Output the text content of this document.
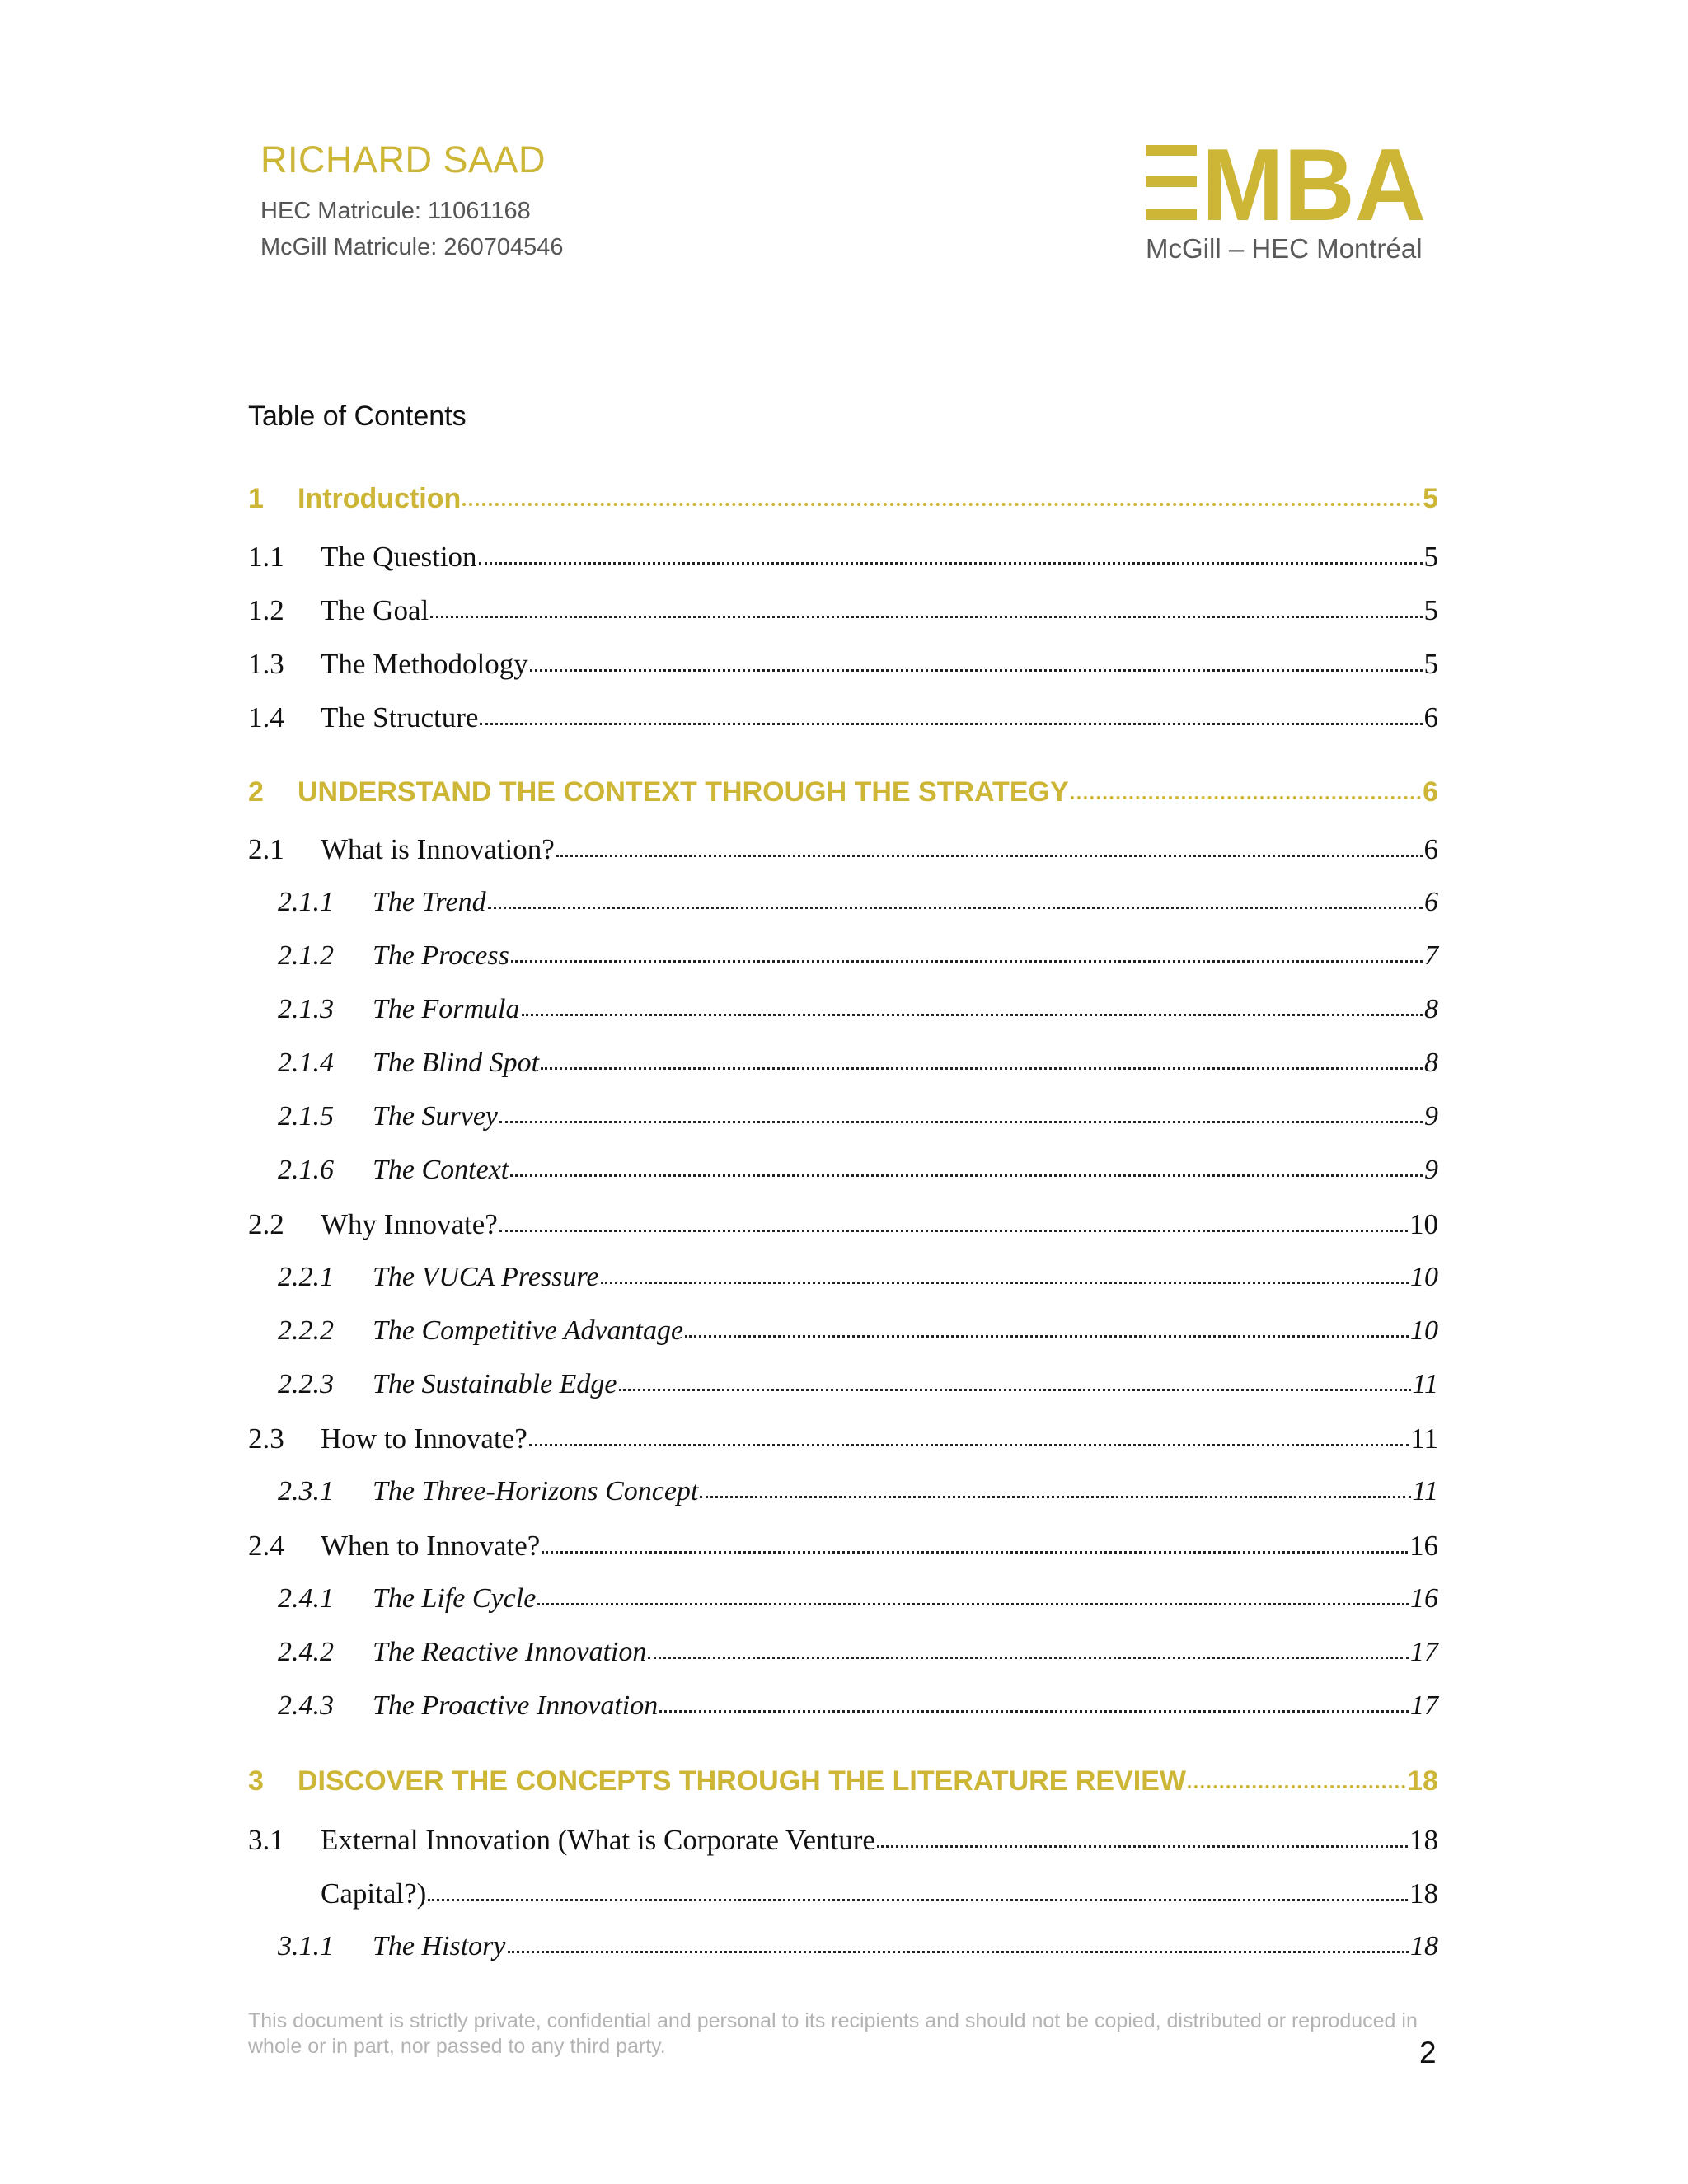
RICHARD SAAD
HEC Matricule: 11061168
McGill Matricule: 260704546
MBA
McGill – HEC Montréal
Table of Contents
1	Introduction	5
1.1	The Question	5
1.2	The Goal	5
1.3	The Methodology	5
1.4	The Structure	6
2	UNDERSTAND THE CONTEXT THROUGH THE STRATEGY	6
2.1	What is Innovation?	6
2.1.1	The Trend	6
2.1.2	The Process	7
2.1.3	The Formula	8
2.1.4	The Blind Spot	8
2.1.5	The Survey	9
2.1.6	The Context	9
2.2	Why Innovate?	10
2.2.1	The VUCA Pressure	10
2.2.2	The Competitive Advantage	10
2.2.3	The Sustainable Edge	11
2.3	How to Innovate?	11
2.3.1	The Three-Horizons Concept	11
2.4	When to Innovate?	16
2.4.1	The Life Cycle	16
2.4.2	The Reactive Innovation	17
2.4.3	The Proactive Innovation	17
3	DISCOVER THE CONCEPTS THROUGH THE LITERATURE REVIEW	18
3.1	External Innovation (What is Corporate Venture	18
Capital?)	18
3.1.1	The History	18
This document is strictly private, confidential and personal to its recipients and should not be copied, distributed or reproduced in whole or in part, nor passed to any third party.	2
